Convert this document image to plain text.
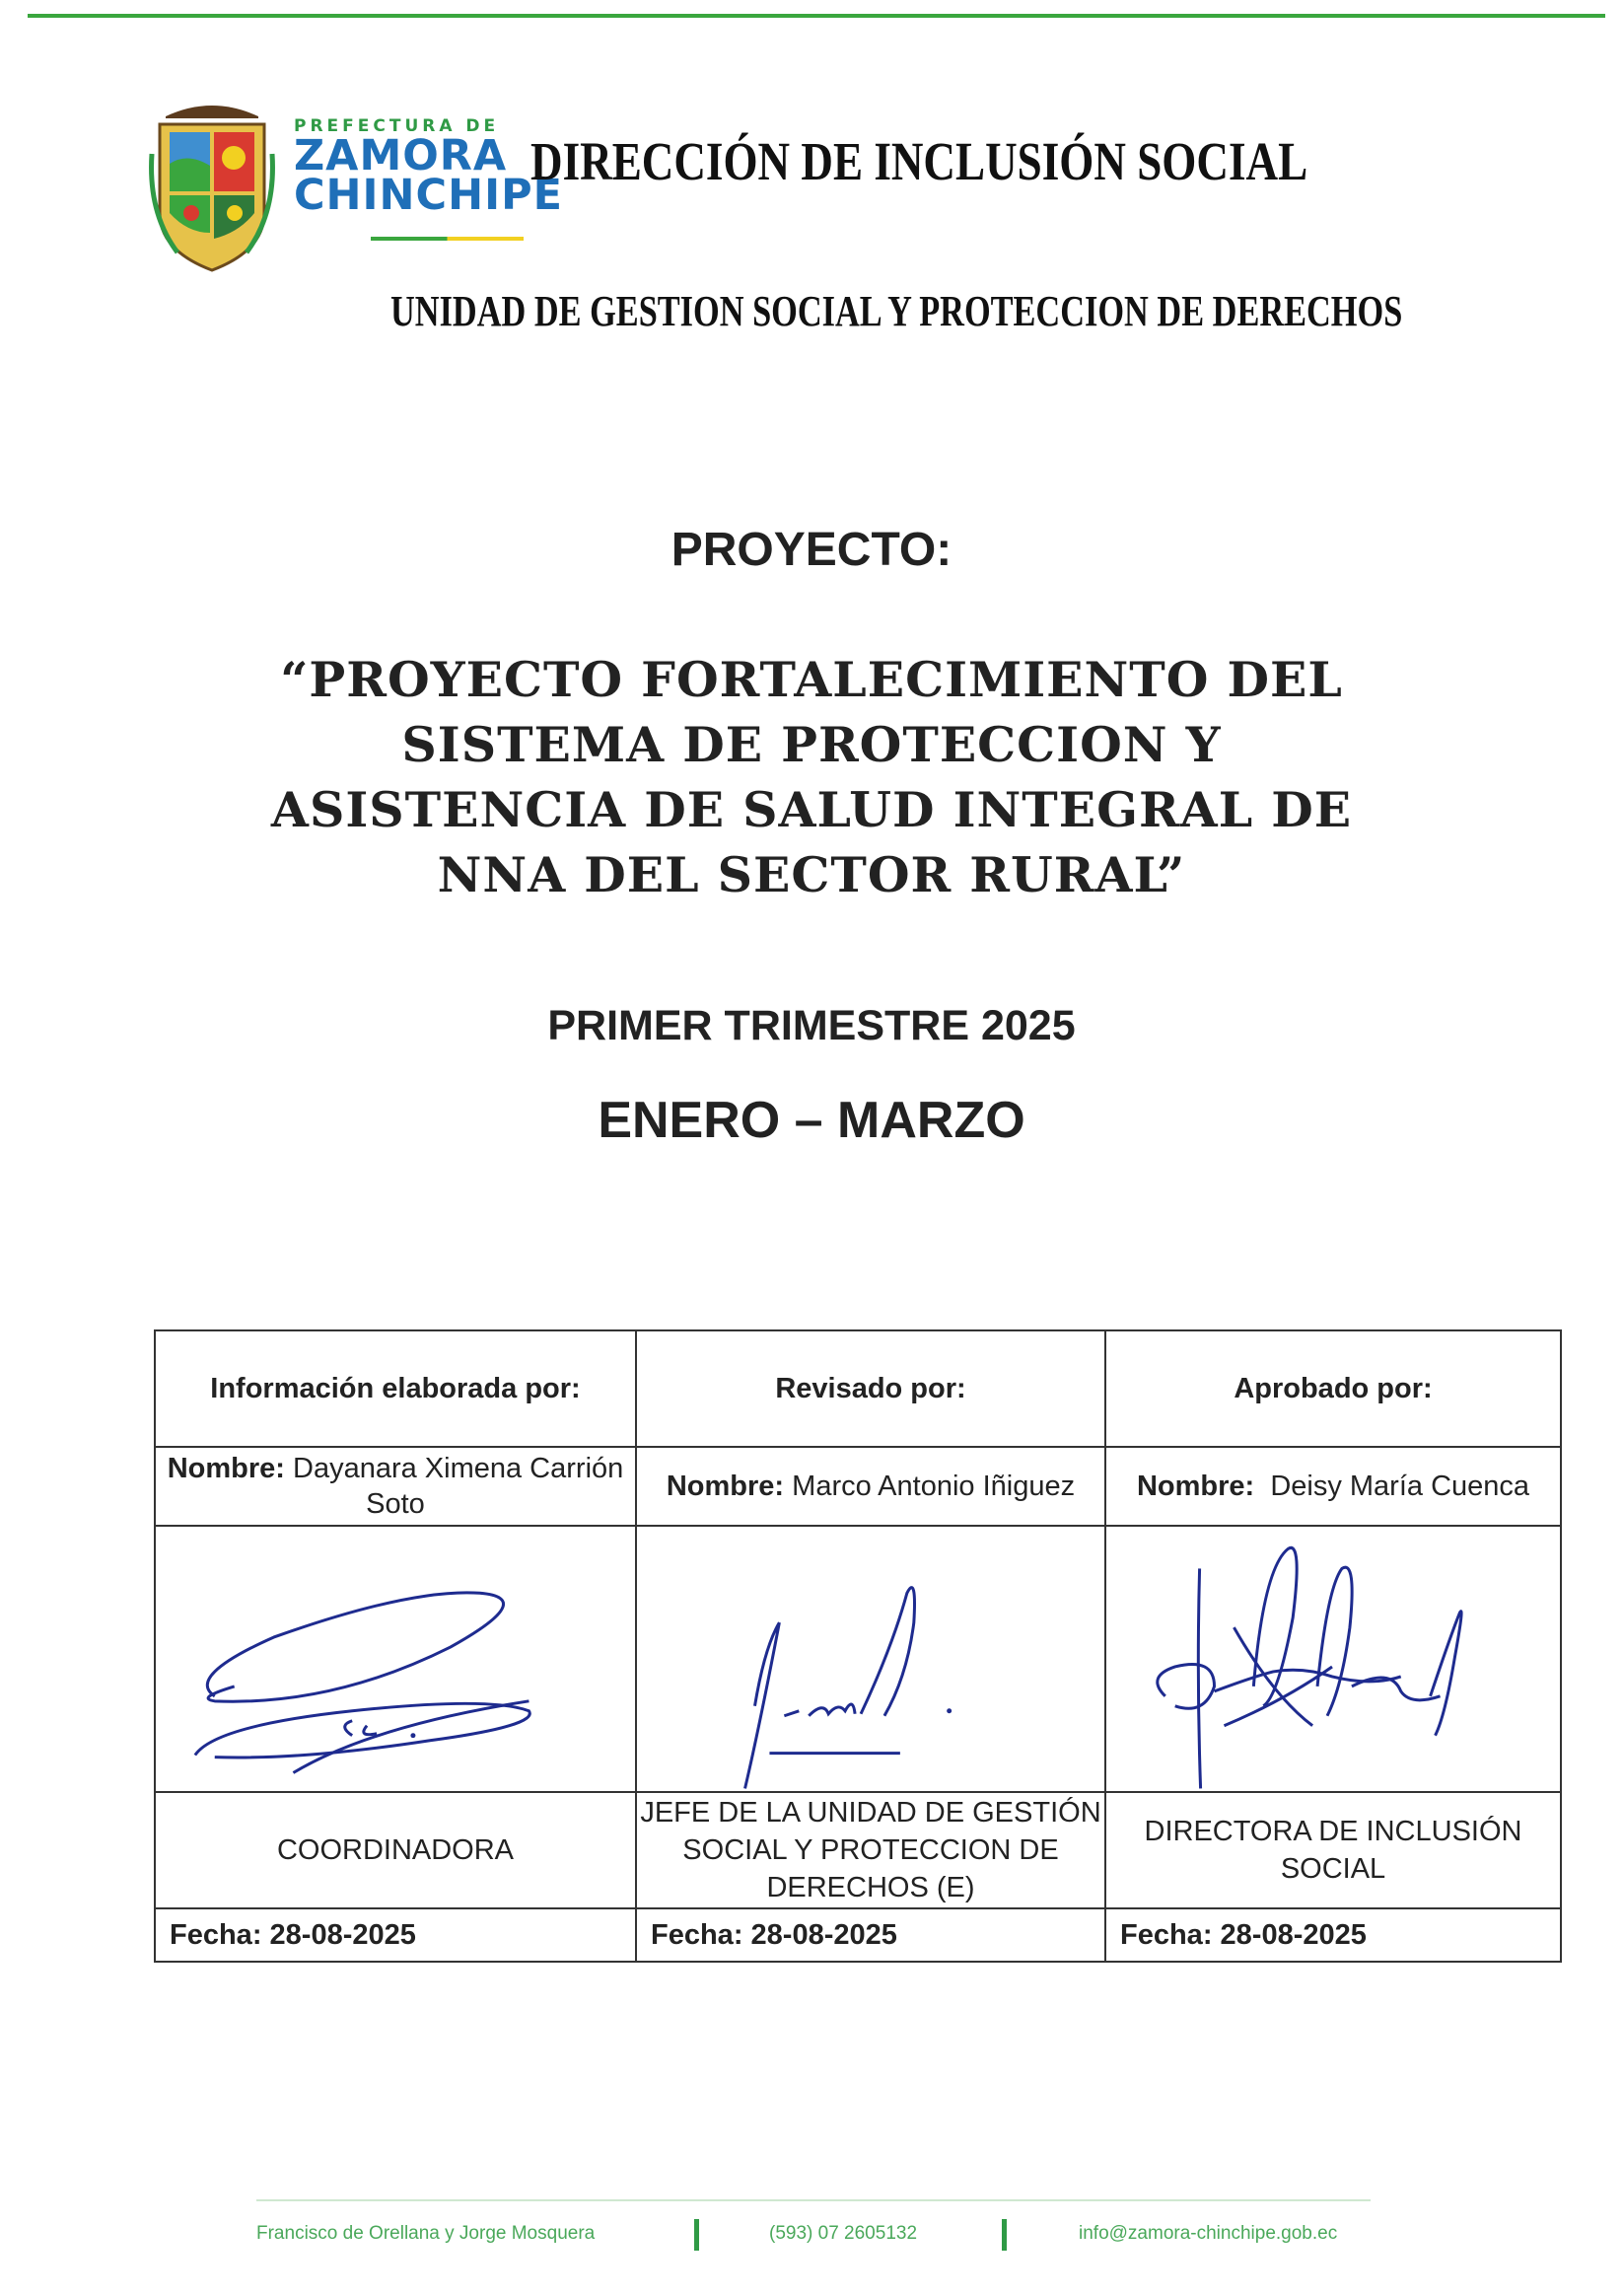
PREFECTURA DE
ZAMORA
CHINCHIPE
DIRECCIÓN DE INCLUSIÓN SOCIAL
UNIDAD DE GESTION SOCIAL Y PROTECCION DE DERECHOS
PROYECTO:
“PROYECTO FORTALECIMIENTO DEL SISTEMA DE PROTECCION Y ASISTENCIA DE SALUD INTEGRAL DE NNA DEL SECTOR RURAL”
PRIMER TRIMESTRE 2025
ENERO – MARZO
Información elaborada por:	Revisado por:	Aprobado por:
Nombre: Dayanara Ximena Carrión Soto	Nombre: Marco Antonio Iñiguez	Nombre: Deisy María Cuenca

COORDINADORA	JEFE DE LA UNIDAD DE GESTIÓN SOCIAL Y PROTECCION DE DERECHOS (E)	DIRECTORA DE INCLUSIÓN SOCIAL
Fecha: 28-08-2025	Fecha: 28-08-2025	Fecha: 28-08-2025
Francisco de Orellana y Jorge Mosquera	(593) 07 2605132	info@zamora-chinchipe.gob.ec
